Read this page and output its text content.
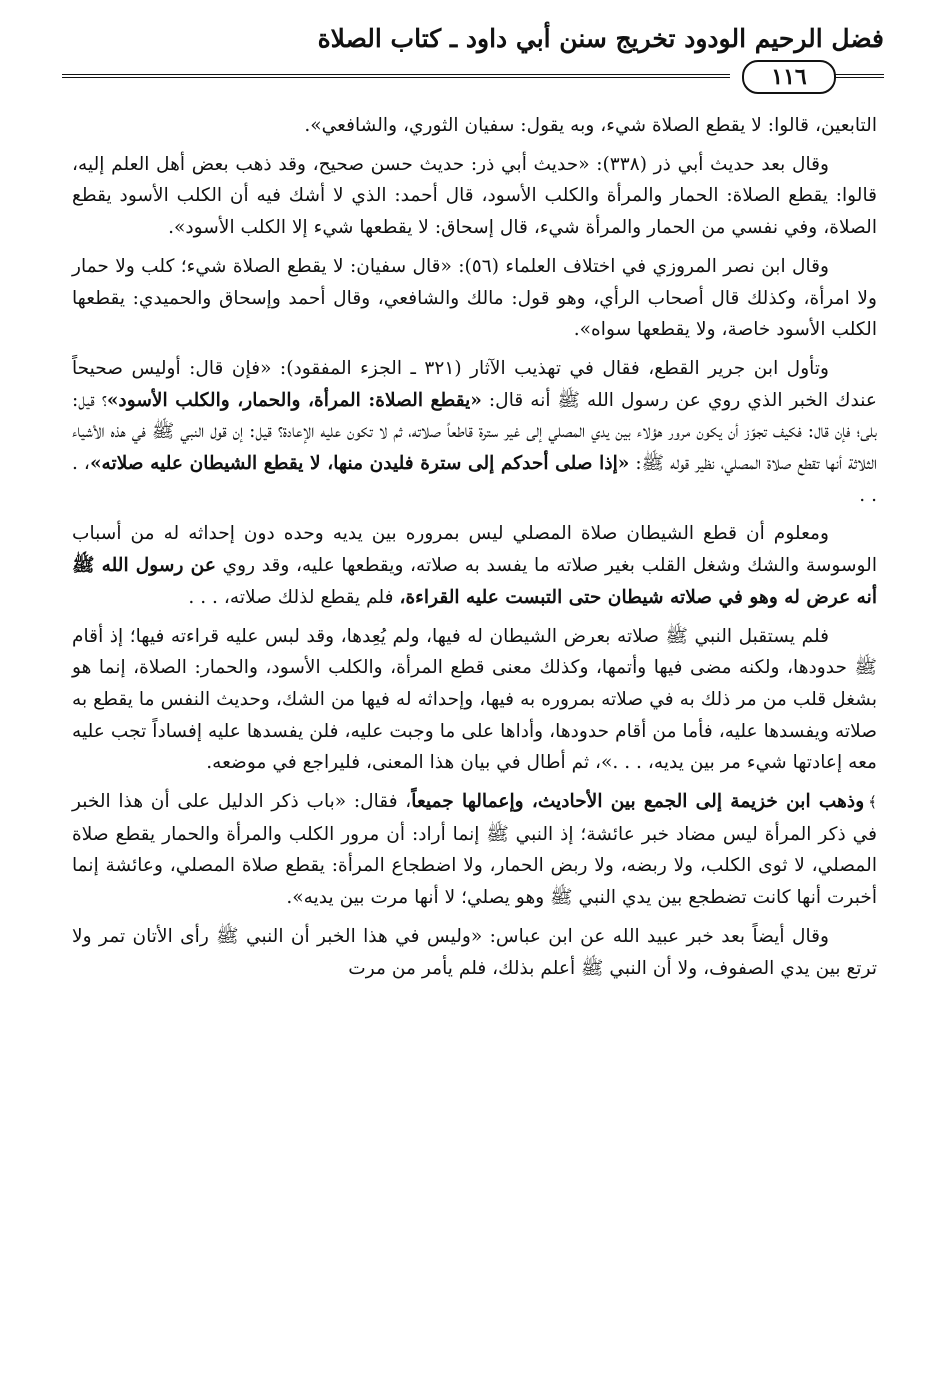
فضل الرحيم الودود تخريج سنن أبي داود ـ كتاب الصلاة
١١٦

التابعين، قالوا: لا يقطع الصلاة شيء، وبه يقول: سفيان الثوري، والشافعي».

وقال بعد حديث أبي ذر (٣٣٨): «حديث أبي ذر: حديث حسن صحيح، وقد ذهب بعض أهل العلم إليه، قالوا: يقطع الصلاة: الحمار والمرأة والكلب الأسود، قال أحمد: الذي لا أشك فيه أن الكلب الأسود يقطع الصلاة، وفي نفسي من الحمار والمرأة شيء، قال إسحاق: لا يقطعها شيء إلا الكلب الأسود».

وقال ابن نصر المروزي في اختلاف العلماء (٥٦): «قال سفيان: لا يقطع الصلاة شيء؛ كلب ولا حمار ولا امرأة، وكذلك قال أصحاب الرأي، وهو قول: مالك والشافعي، وقال أحمد وإسحاق والحميدي: يقطعها الكلب الأسود خاصة، ولا يقطعها سواه».

وتأول ابن جرير القطع، فقال في تهذيب الآثار (٣٢١ ـ الجزء المفقود): «فإن قال: أوليس صحيحاً عندك الخبر الذي روي عن رسول الله ﷺ أنه قال: «يقطع الصلاة: المرأة، والحمار، والكلب الأسود»؟ قيل: بلى؛ فإن قال: فكيف تجوّز أن يكون مرور هؤلاء بين يدي المصلي إلى غير سترة قاطعاً صلاته، ثم لا تكون عليه الإعادة؟ قيل: إن قول النبي ﷺ في هذه الأشياء الثلاثة أنها تقطع صلاة المصلي، نظير قوله ﷺ: «إذا صلى أحدكم إلى سترة فليدن منها، لا يقطع الشيطان عليه صلاته»، . . .

ومعلوم أن قطع الشيطان صلاة المصلي ليس بمروره بين يديه وحده دون إحداثه له من أسباب الوسوسة والشك وشغل القلب بغير صلاته ما يفسد به صلاته، ويقطعها عليه، وقد روي عن رسول الله ﷺ أنه عرض له وهو في صلاته شيطان حتى التبست عليه القراءة، فلم يقطع لذلك صلاته، . . .

فلم يستقبل النبي ﷺ صلاته بعرض الشيطان له فيها، ولم يُعِدها، وقد لبس عليه قراءته فيها؛ إذ أقام ﷺ حدودها، ولكنه مضى فيها وأتمها، وكذلك معنى قطع المرأة، والكلب الأسود، والحمار: الصلاة، إنما هو بشغل قلب من مر ذلك به في صلاته بمروره به فيها، وإحداثه له فيها من الشك، وحديث النفس ما يقطع به صلاته ويفسدها عليه، فأما من أقام حدودها، وأداها على ما وجبت عليه، فلن يفسدها عليه إفساداً تجب عليه معه إعادتها شيء مر بين يديه، . . .»، ثم أطال في بيان هذا المعنى، فليراجع في موضعه.

﴾وذهب ابن خزيمة إلى الجمع بين الأحاديث، وإعمالها جميعاً، فقال: «باب ذكر الدليل على أن هذا الخبر في ذكر المرأة ليس مضاد خبر عائشة؛ إذ النبي ﷺ إنما أراد: أن مرور الكلب والمرأة والحمار يقطع صلاة المصلي، لا ثوى الكلب، ولا ربضه، ولا ربض الحمار، ولا اضطجاع المرأة: يقطع صلاة المصلي، وعائشة إنما أخبرت أنها كانت تضطجع بين يدي النبي ﷺ وهو يصلي؛ لا أنها مرت بين يديه».

وقال أيضاً بعد خبر عبيد الله عن ابن عباس: «وليس في هذا الخبر أن النبي ﷺ رأى الأتان تمر ولا ترتع بين يدي الصفوف، ولا أن النبي ﷺ أعلم بذلك، فلم يأمر من مرت
